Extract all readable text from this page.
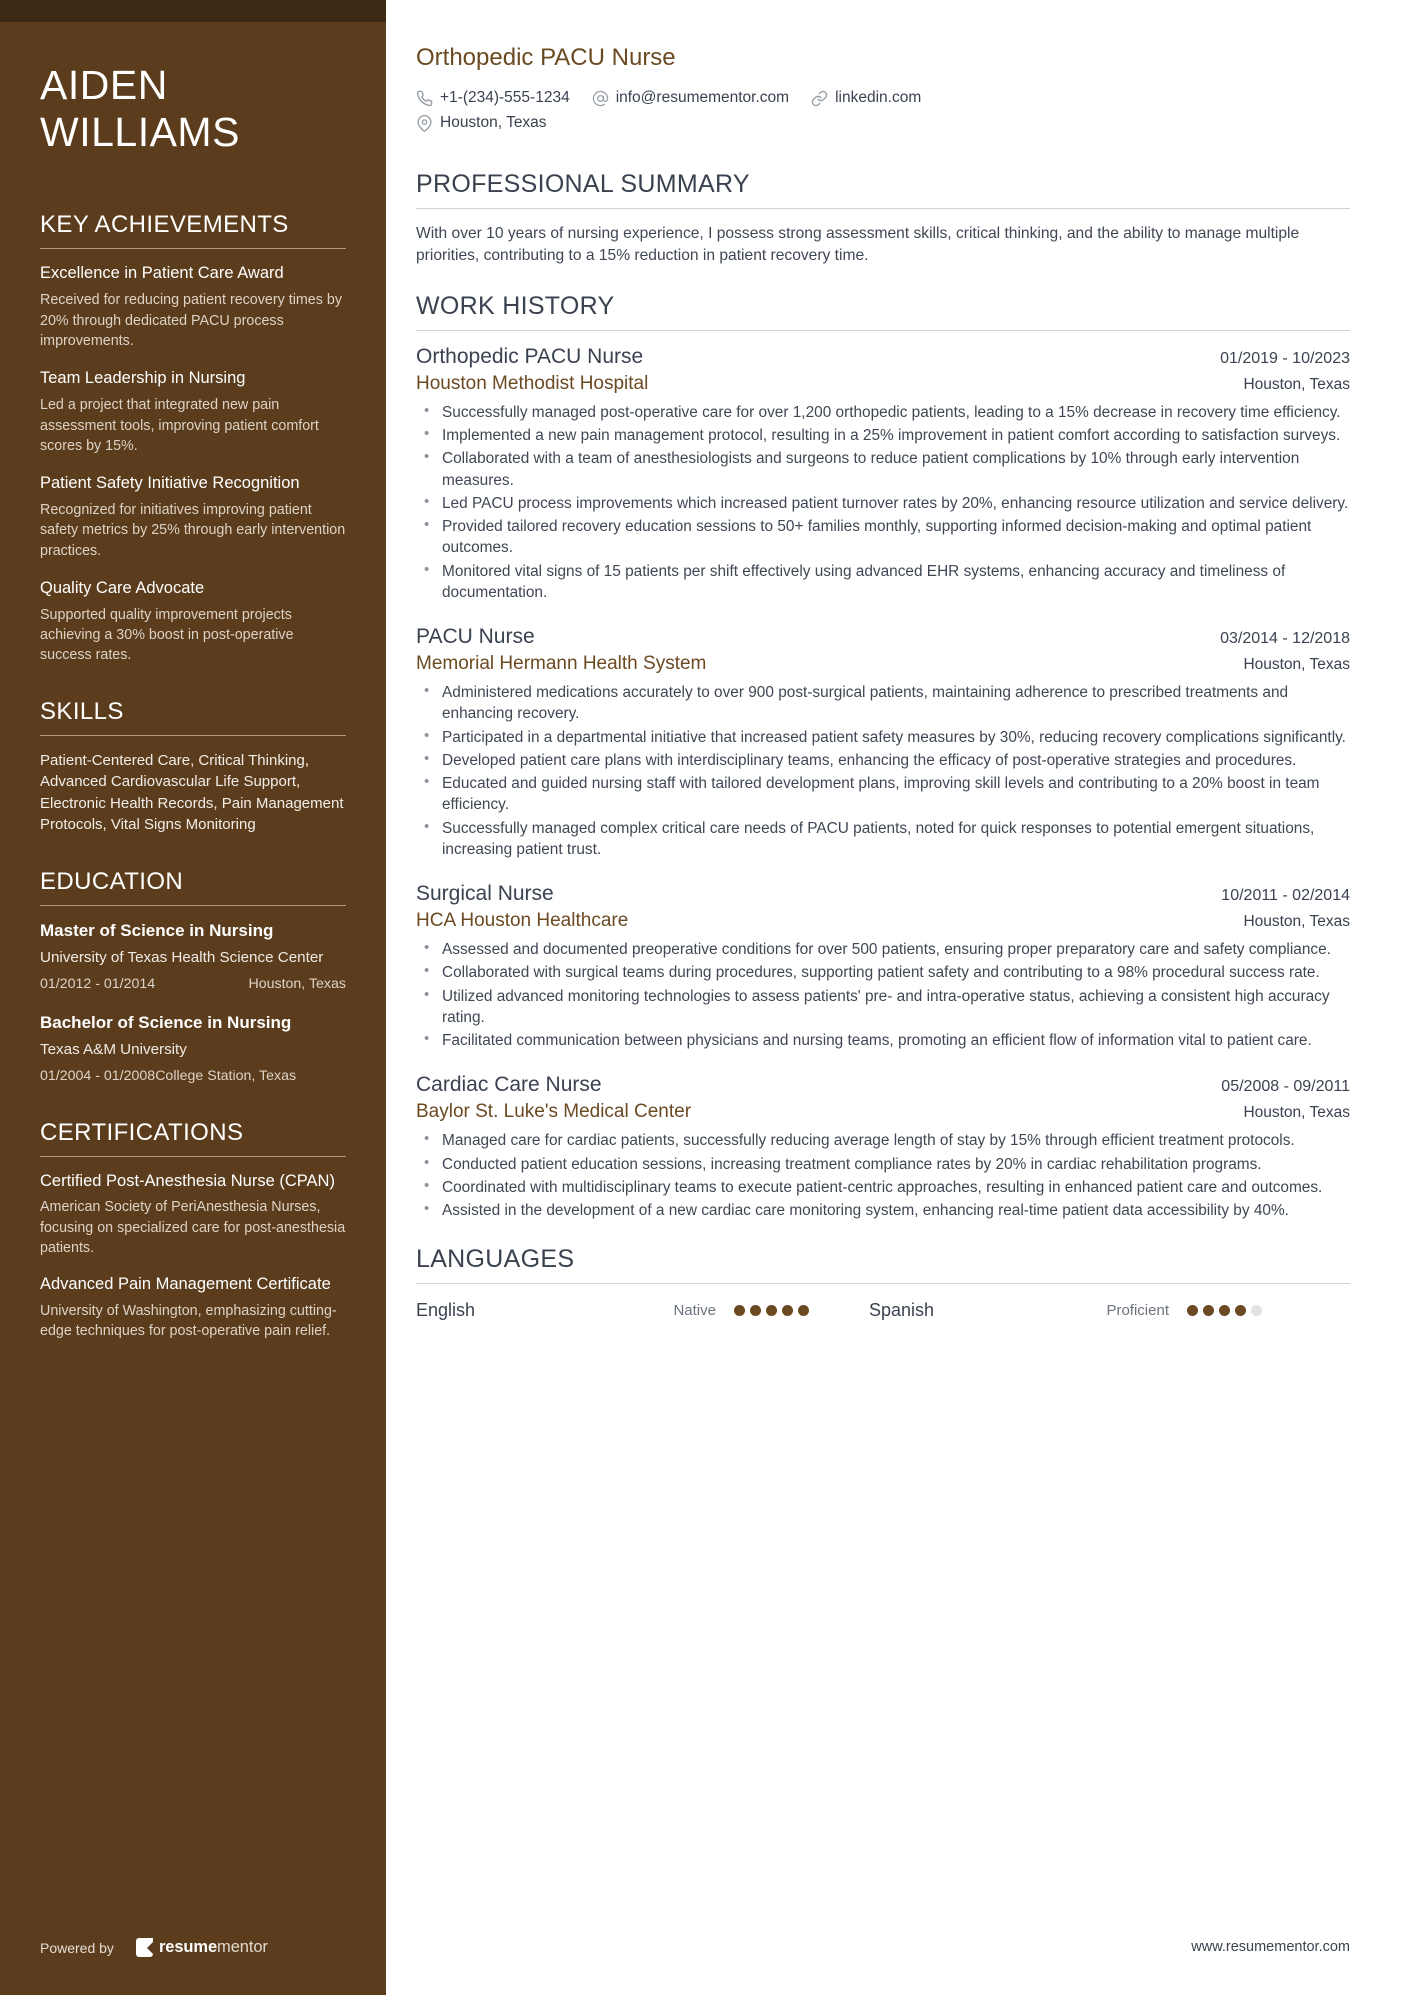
AIDEN
WILLIAMS
KEY ACHIEVEMENTS
Excellence in Patient Care Award
Received for reducing patient recovery times by 20% through dedicated PACU process improvements.
Team Leadership in Nursing
Led a project that integrated new pain assessment tools, improving patient comfort scores by 15%.
Patient Safety Initiative Recognition
Recognized for initiatives improving patient safety metrics by 25% through early intervention practices.
Quality Care Advocate
Supported quality improvement projects achieving a 30% boost in post-operative success rates.
SKILLS
Patient-Centered Care, Critical Thinking, Advanced Cardiovascular Life Support, Electronic Health Records, Pain Management Protocols, Vital Signs Monitoring
EDUCATION
Master of Science in Nursing
University of Texas Health Science Center
01/2012 - 01/2014	Houston, Texas
Bachelor of Science in Nursing
Texas A&M University
01/2004 - 01/2008College Station, Texas
CERTIFICATIONS
Certified Post-Anesthesia Nurse (CPAN)
American Society of PeriAnesthesia Nurses, focusing on specialized care for post-anesthesia patients.
Advanced Pain Management Certificate
University of Washington, emphasizing cutting-edge techniques for post-operative pain relief.
Powered by	resumementor
Orthopedic PACU Nurse
+1-(234)-555-1234	info@resumementor.com	linkedin.com
Houston, Texas
PROFESSIONAL SUMMARY
With over 10 years of nursing experience, I possess strong assessment skills, critical thinking, and the ability to manage multiple priorities, contributing to a 15% reduction in patient recovery time.
WORK HISTORY
Orthopedic PACU Nurse	01/2019 - 10/2023
Houston Methodist Hospital	Houston, Texas
• Successfully managed post-operative care for over 1,200 orthopedic patients, leading to a 15% decrease in recovery time efficiency.
• Implemented a new pain management protocol, resulting in a 25% improvement in patient comfort according to satisfaction surveys.
• Collaborated with a team of anesthesiologists and surgeons to reduce patient complications by 10% through early intervention measures.
• Led PACU process improvements which increased patient turnover rates by 20%, enhancing resource utilization and service delivery.
• Provided tailored recovery education sessions to 50+ families monthly, supporting informed decision-making and optimal patient outcomes.
• Monitored vital signs of 15 patients per shift effectively using advanced EHR systems, enhancing accuracy and timeliness of documentation.
PACU Nurse	03/2014 - 12/2018
Memorial Hermann Health System	Houston, Texas
• Administered medications accurately to over 900 post-surgical patients, maintaining adherence to prescribed treatments and enhancing recovery.
• Participated in a departmental initiative that increased patient safety measures by 30%, reducing recovery complications significantly.
• Developed patient care plans with interdisciplinary teams, enhancing the efficacy of post-operative strategies and procedures.
• Educated and guided nursing staff with tailored development plans, improving skill levels and contributing to a 20% boost in team efficiency.
• Successfully managed complex critical care needs of PACU patients, noted for quick responses to potential emergent situations, increasing patient trust.
Surgical Nurse	10/2011 - 02/2014
HCA Houston Healthcare	Houston, Texas
• Assessed and documented preoperative conditions for over 500 patients, ensuring proper preparatory care and safety compliance.
• Collaborated with surgical teams during procedures, supporting patient safety and contributing to a 98% procedural success rate.
• Utilized advanced monitoring technologies to assess patients' pre- and intra-operative status, achieving a consistent high accuracy rating.
• Facilitated communication between physicians and nursing teams, promoting an efficient flow of information vital to patient care.
Cardiac Care Nurse	05/2008 - 09/2011
Baylor St. Luke's Medical Center	Houston, Texas
• Managed care for cardiac patients, successfully reducing average length of stay by 15% through efficient treatment protocols.
• Conducted patient education sessions, increasing treatment compliance rates by 20% in cardiac rehabilitation programs.
• Coordinated with multidisciplinary teams to execute patient-centric approaches, resulting in enhanced patient care and outcomes.
• Assisted in the development of a new cardiac care monitoring system, enhancing real-time patient data accessibility by 40%.
LANGUAGES
English	Native	Spanish	Proficient
www.resumementor.com
